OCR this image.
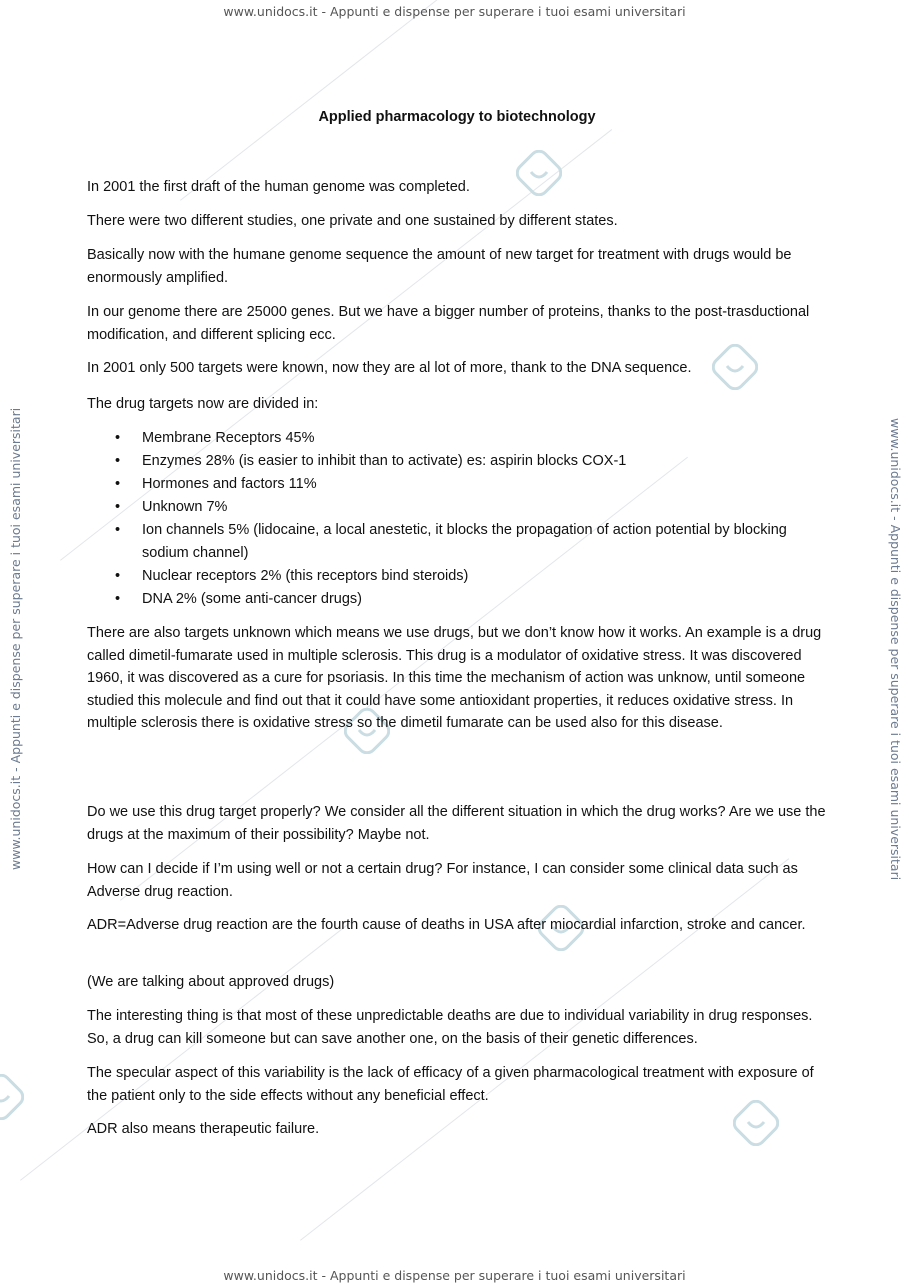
www.unidocs.it - Appunti e dispense per superare i tuoi esami universitari
www.unidocs.it - Appunti e dispense per superare i tuoi esami universitari
www.unidocs.it - Appunti e dispense per superare i tuoi esami universitari	www.unidocs.it - Appunti e dispense per superare i tuoi esami universitari
Applied pharmacology to biotechnology

In 2001 the first draft of the human genome was completed.

There were two different studies, one private and one sustained by different states.

Basically now with the humane genome sequence the amount of new target for treatment with drugs would be enormously amplified.

In our genome there are 25000 genes. But we have a bigger number of proteins, thanks to the post-trasductional modification, and different splicing ecc.

In 2001 only 500 targets were known, now they are al lot of more, thank to the DNA sequence.

The drug targets now are divided in:

• Membrane Receptors 45%
• Enzymes 28% (is easier to inhibit than to activate) es: aspirin blocks COX-1
• Hormones and factors 11%
• Unknown 7%
• Ion channels 5% (lidocaine, a local anestetic, it blocks the propagation of action potential by blocking sodium channel)
• Nuclear receptors 2% (this receptors bind steroids)
• DNA 2% (some anti-cancer drugs)

There are also targets unknown which means we use drugs, but we don’t know how it works. An example is a drug called dimetil-fumarate used in multiple sclerosis. This drug is a modulator of oxidative stress. It was discovered 1960, it was discovered as a cure for psoriasis. In this time the mechanism of action was unknow, until someone studied this molecule and find out that it could have some antioxidant properties, it reduces oxidative stress. In multiple sclerosis there is oxidative stress so the dimetil fumarate can be used also for this disease.

Do we use this drug target properly? We consider all the different situation in which the drug works? Are we use the drugs at the maximum of their possibility? Maybe not.

How can I decide if I’m using well or not a certain drug? For instance, I can consider some clinical data such as Adverse drug reaction.

ADR=Adverse drug reaction are the fourth cause of deaths in USA after miocardial infarction, stroke and cancer.

(We are talking about approved drugs)

The interesting thing is that most of these unpredictable deaths are due to individual variability in drug responses. So, a drug can kill someone but can save another one, on the basis of their genetic differences.

The specular aspect of this variability is the lack of efficacy of a given pharmacological treatment with exposure of the patient only to the side effects without any beneficial effect.

ADR also means therapeutic failure.
